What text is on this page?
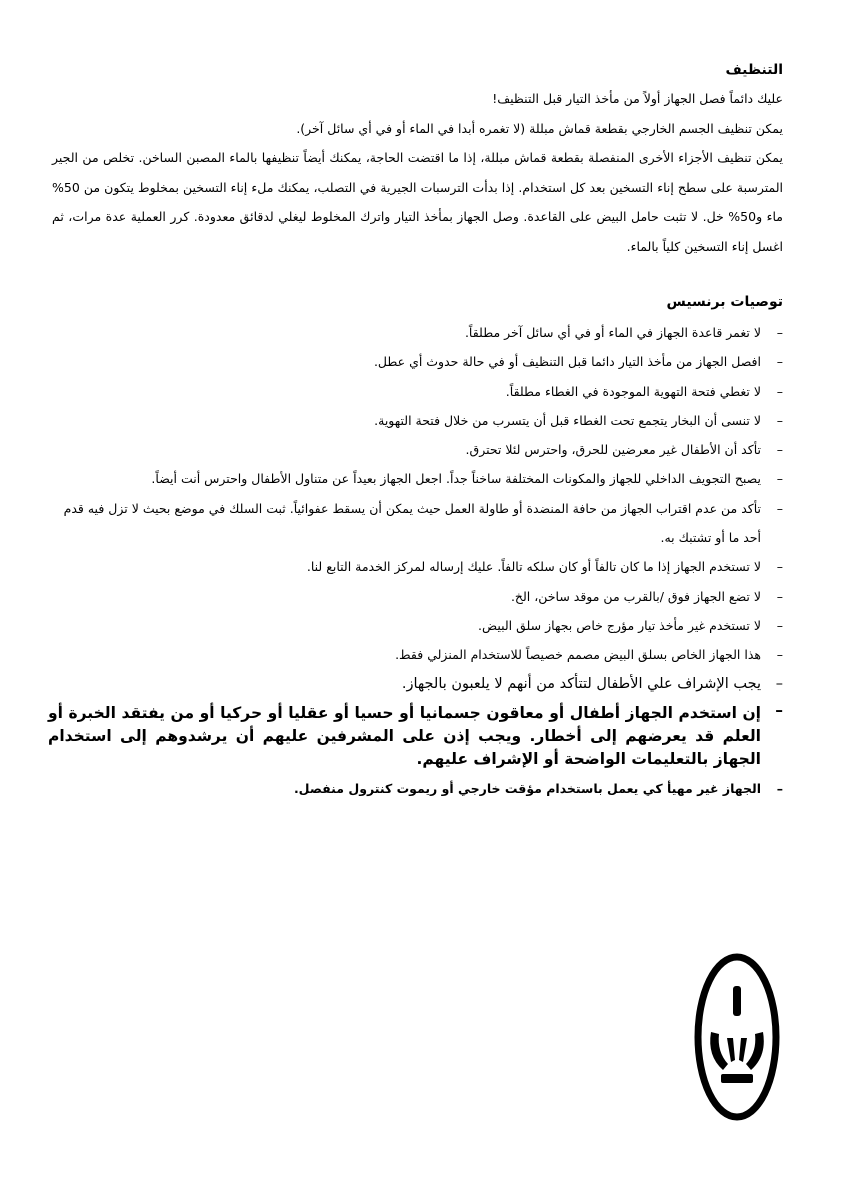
التنظيف

عليك دائماً فصل الجهاز أولاً من مأخذ التيار قبل التنظيف!

يمكن تنظيف الجسم الخارجي بقطعة قماش مبللة (لا تغمره أبدا في الماء أو في أي سائل آخر).

يمكن تنظيف الأجزاء الأخرى المنفصلة بقطعة قماش مبللة، إذا ما اقتضت الحاجة، يمكنك أيضاً تنظيفها بالماء المصبن الساخن. تخلص من الجير المترسبة على سطح إناء التسخين بعد كل استخدام. إذا بدأت الترسبات الجيرية في التصلب، يمكنك ملء إناء التسخين بمخلوط يتكون من 50% ماء و50% خل. لا تثبت حامل البيض على القاعدة. وصل الجهاز بمأخذ التيار واترك المخلوط ليغلي لدقائق معدودة. كرر العملية عدة مرات، ثم اغسل إناء التسخين كلياً بالماء.

توصيات برنسيس

–
لا تغمر قاعدة الجهاز في الماء أو في أي سائل آخر مطلقاً.
–
افصل الجهاز من مأخذ التيار دائما قبل التنظيف أو في حالة حدوث أي عطل.
–
لا تغطي فتحة التهوية الموجودة في الغطاء مطلقاً.
–
لا تنسى أن البخار يتجمع تحت الغطاء قبل أن يتسرب من خلال فتحة التهوية.
–
تأكد أن الأطفال غير معرضين للحرق، واحترس لئلا تحترق.
–
يصبح التجويف الداخلي للجهاز والمكونات المختلفة ساخناً جداً. اجعل الجهاز بعيداً عن متناول الأطفال واحترس أنت أيضاً.
–
تأكد من عدم اقتراب الجهاز من حافة المنضدة أو طاولة العمل حيث يمكن أن يسقط عفوائياً. ثبت السلك في موضع بحيث لا تزل فيه قدم أحد ما أو تشتبك به.
–
لا تستخدم الجهاز إذا ما كان تالفاً أو كان سلكه تالفاً. عليك إرساله لمركز الخدمة التابع لنا.
–
لا تضع الجهاز فوق /بالقرب من موقد ساخن، الخ.
–
لا تستخدم غير مأخذ تيار مؤرج خاص بجهاز سلق البيض.
–
هذا الجهاز الخاص بسلق البيض مصمم خصيصاً للاستخدام المنزلي فقط.
–
يجب الإشراف علي الأطفال لتتأكد من أنهم لا يلعبون بالجهاز.
–
إن استخدم الجهاز أطفال أو معاقون جسمانيا أو حسيا أو عقليا أو حركيا أو من يفتقد الخبرة أو العلم قد يعرضهم إلى أخطار. ويجب إذن على المشرفين عليهم أن يرشدوهم إلى استخدام الجهاز بالتعليمات الواضحة أو الإشراف عليهم.
–
الجهاز غير مهيأ كي يعمل باستخدام مؤقت خارجي أو ريموت كنترول منفصل.
